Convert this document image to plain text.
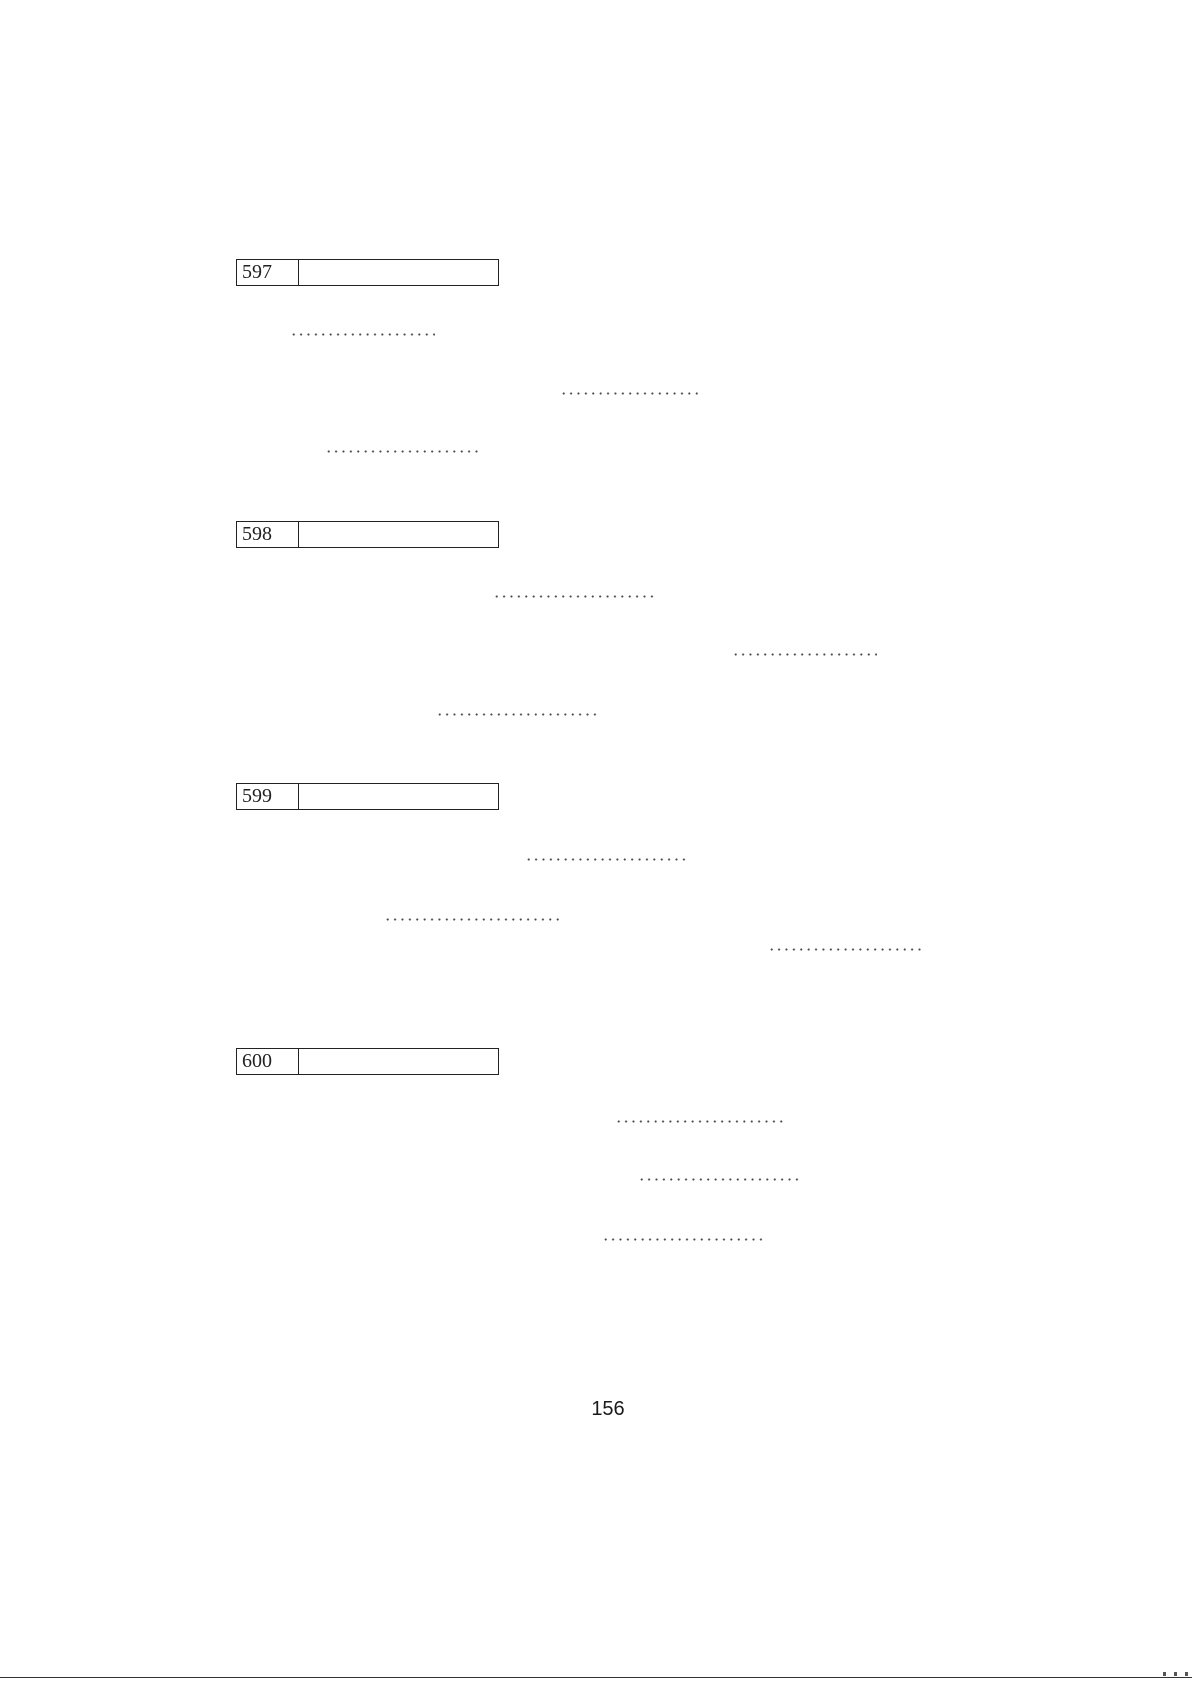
597
598
599
600
156
